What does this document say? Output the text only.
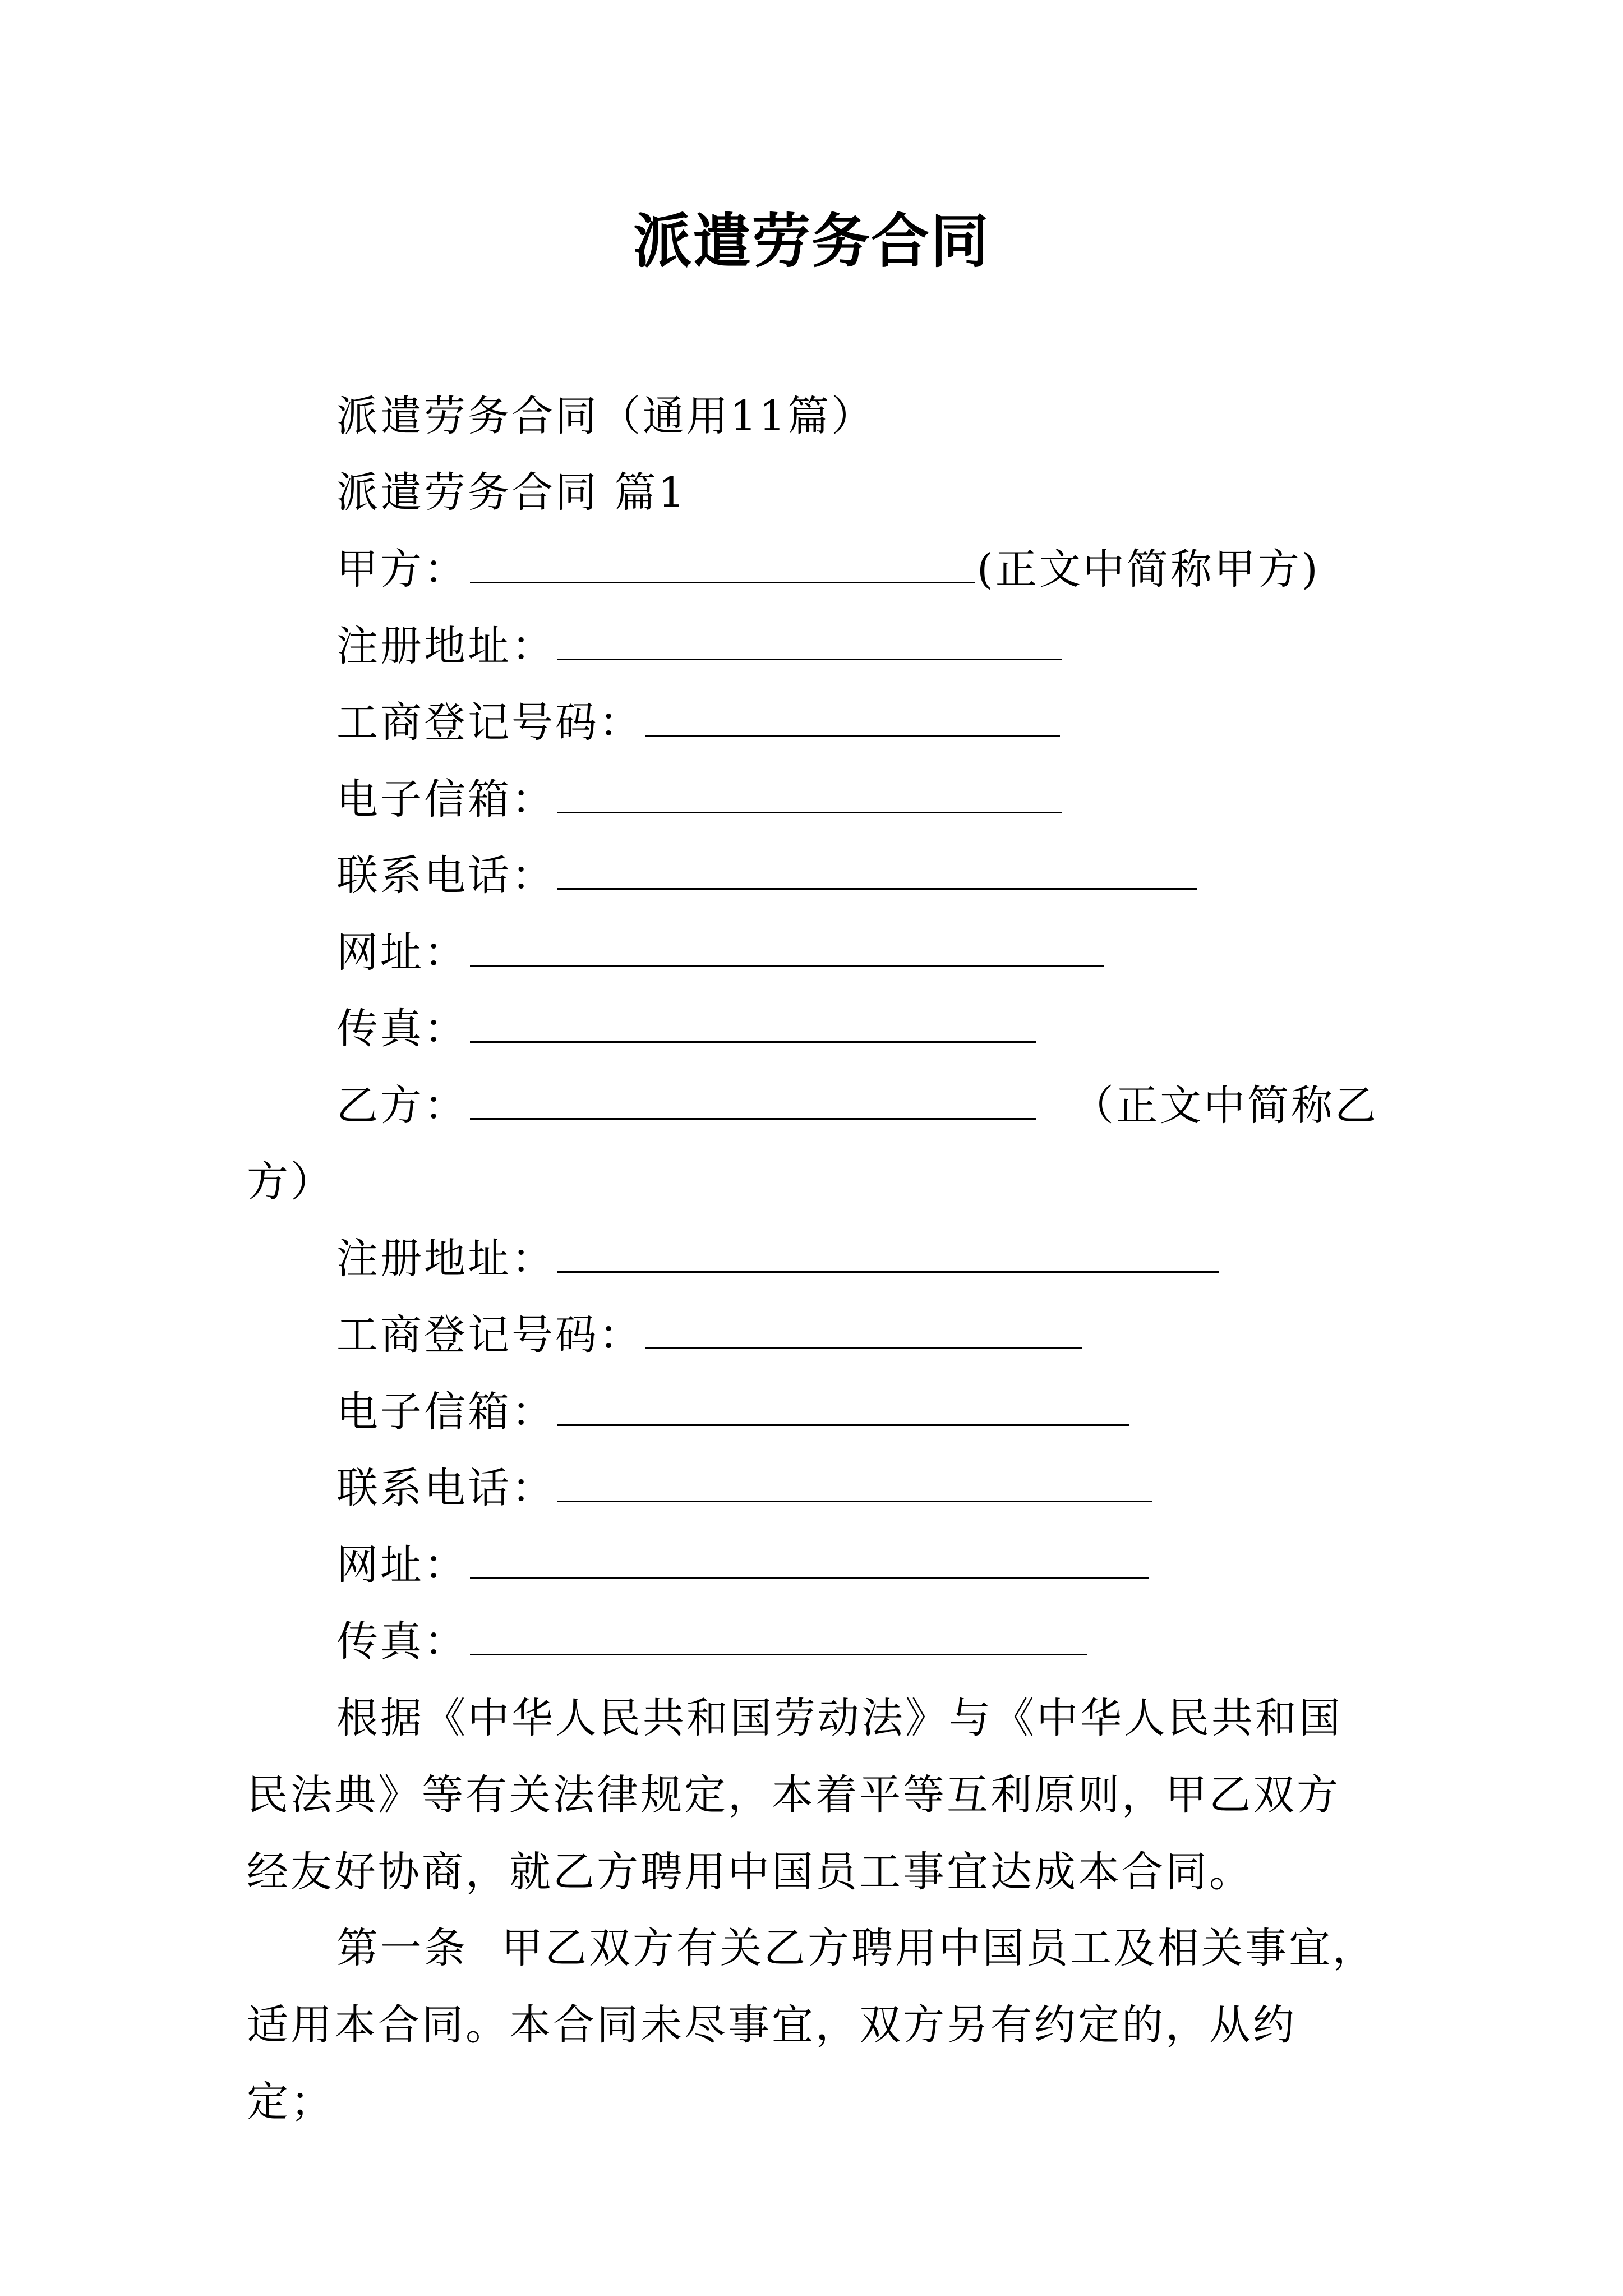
派遣劳务合同
派遣劳务合同（通用11篇）
派遣劳务合同 篇1
甲方：	(正文中简称甲方)
注册地址：
工商登记号码：
电子信箱：
联系电话：
网址：
传真：
乙方：	（正文中简称乙
方）
注册地址：
工商登记号码：
电子信箱：
联系电话：
网址：
传真：
根据《中华人民共和国劳动法》与《中华人民共和国民法典》等有关法律规定，本着平等互利原则，甲乙双方经友好协商，就乙方聘用中国员工事宜达成本合同。
第一条 甲乙双方有关乙方聘用中国员工及相关事宜，适用本合同。本合同未尽事宜，双方另有约定的，从约定；
